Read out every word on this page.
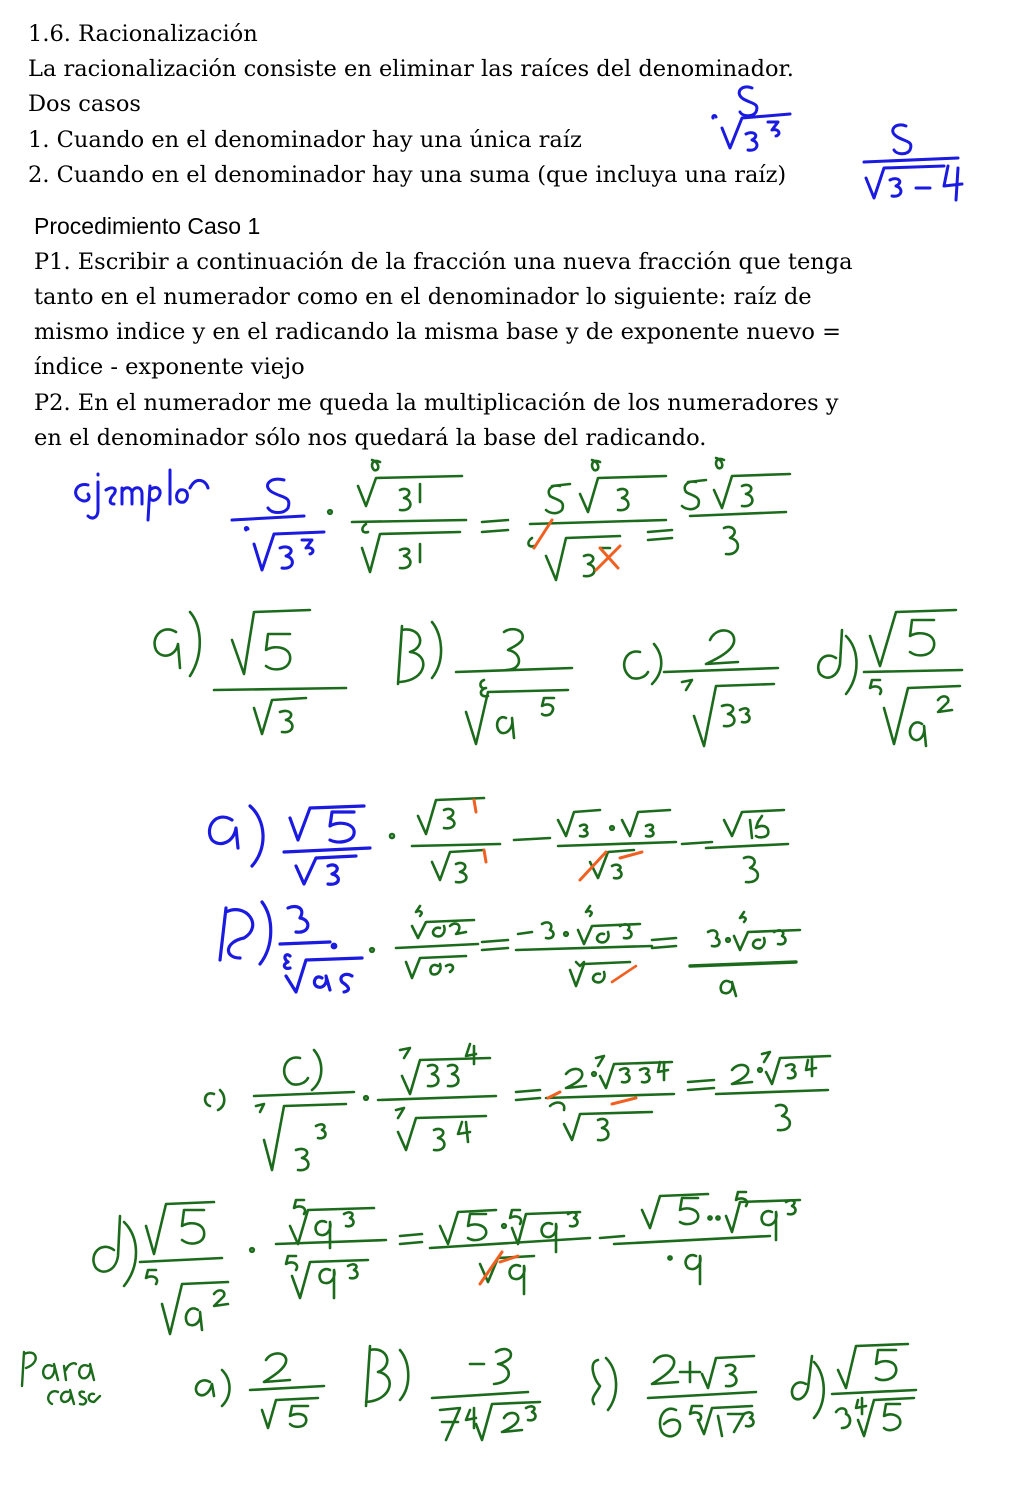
1.6. Racionalización
La racionalización consiste en eliminar las raíces del denominador.
Dos casos
1. Cuando en el denominador hay una única raíz
2. Cuando en el denominador hay una suma (que incluya una raíz)
Procedimiento Caso 1
P1. Escribir a continuación de la fracción una nueva fracción que tenga
tanto en el numerador como en el denominador lo siguiente: raíz de
mismo indice y en el radicando la misma base y de exponente nuevo =
índice - exponente viejo
P2. En el numerador me queda la multiplicación de los numeradores y
en el denominador sólo nos quedará la base del radicando.
